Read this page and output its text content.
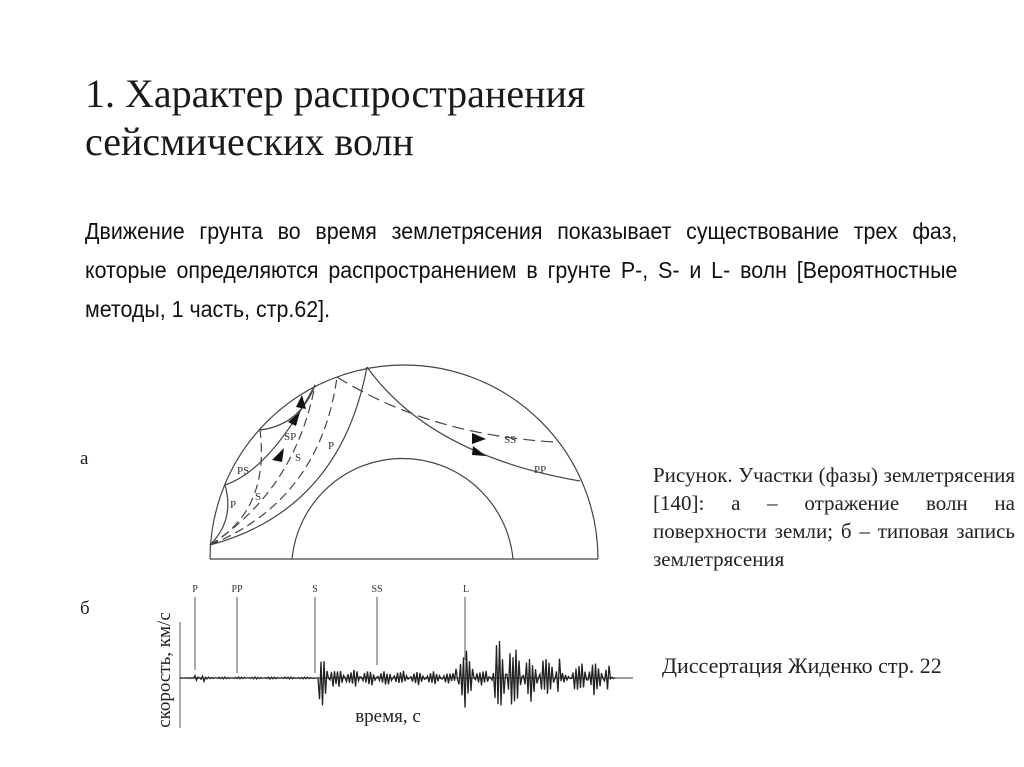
1. Характер распространения
сейсмических волн
Движение грунта во время землетрясения показывает существование трех фаз, которые определяются распространением в грунте P-, S- и L- волн [Вероятностные методы, 1 часть, стр.62].
а
б
P
PS
S
SP
S
P	SS
PP
P	PP	S	SS	L
скорость, км/с	время, с
Рисунок. Участки (фазы) землетрясения [140]: а – отражение волн на поверхности земли; б – типовая запись землетрясения
Диссертация Жиденко стр. 22
